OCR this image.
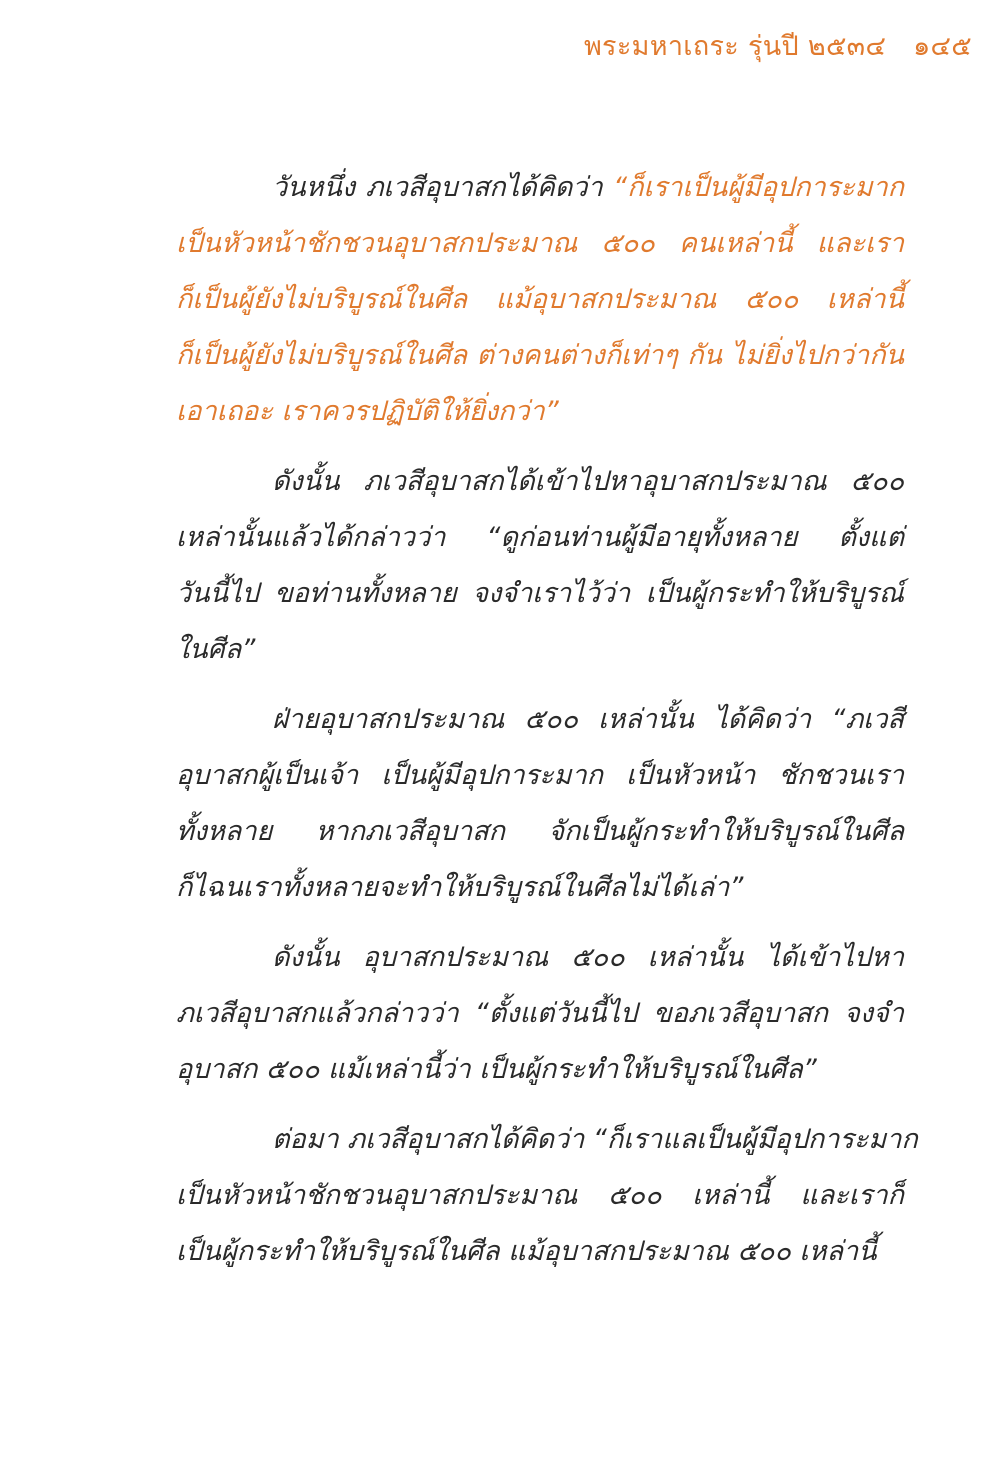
พระมหาเถระ รุ่นปี ๒๕๓๔ ๑๔๕
วันหนึ่ง ภเวสีอุบาสกได้คิดว่า “ก็เราเป็นผู้มีอุปการะมาก
เป็นหัวหน้าชักชวนอุบาสกประมาณ ๕๐๐ คนเหล่านี้ และเรา
ก็เป็นผู้ยังไม่บริบูรณ์ในศีล แม้อุบาสกประมาณ ๕๐๐ เหล่านี้
ก็เป็นผู้ยังไม่บริบูรณ์ในศีล ต่างคนต่างก็เท่าๆ กัน ไม่ยิ่งไปกว่ากัน
เอาเถอะ เราควรปฏิบัติให้ยิ่งกว่า”
ดังนั้น ภเวสีอุบาสกได้เข้าไปหาอุบาสกประมาณ ๕๐๐
เหล่านั้นแล้วได้กล่าวว่า “ดูก่อนท่านผู้มีอายุทั้งหลาย ตั้งแต่
วันนี้ไป ขอท่านทั้งหลาย จงจำเราไว้ว่า เป็นผู้กระทำให้บริบูรณ์
ในศีล”
ฝ่ายอุบาสกประมาณ ๕๐๐ เหล่านั้น ได้คิดว่า “ภเวสี
อุบาสกผู้เป็นเจ้า เป็นผู้มีอุปการะมาก เป็นหัวหน้า ชักชวนเรา
ทั้งหลาย หากภเวสีอุบาสก จักเป็นผู้กระทำให้บริบูรณ์ในศีล
ก็ไฉนเราทั้งหลายจะทำให้บริบูรณ์ในศีลไม่ได้เล่า”
ดังนั้น อุบาสกประมาณ ๕๐๐ เหล่านั้น ได้เข้าไปหา
ภเวสีอุบาสกแล้วกล่าวว่า “ตั้งแต่วันนี้ไป ขอภเวสีอุบาสก จงจำ
อุบาสก ๕๐๐ แม้เหล่านี้ว่า เป็นผู้กระทำให้บริบูรณ์ในศีล”
ต่อมา ภเวสีอุบาสกได้คิดว่า “ก็เราแลเป็นผู้มีอุปการะมาก
เป็นหัวหน้าชักชวนอุบาสกประมาณ ๕๐๐ เหล่านี้ และเราก็
เป็นผู้กระทำให้บริบูรณ์ในศีล แม้อุบาสกประมาณ ๕๐๐ เหล่านี้
